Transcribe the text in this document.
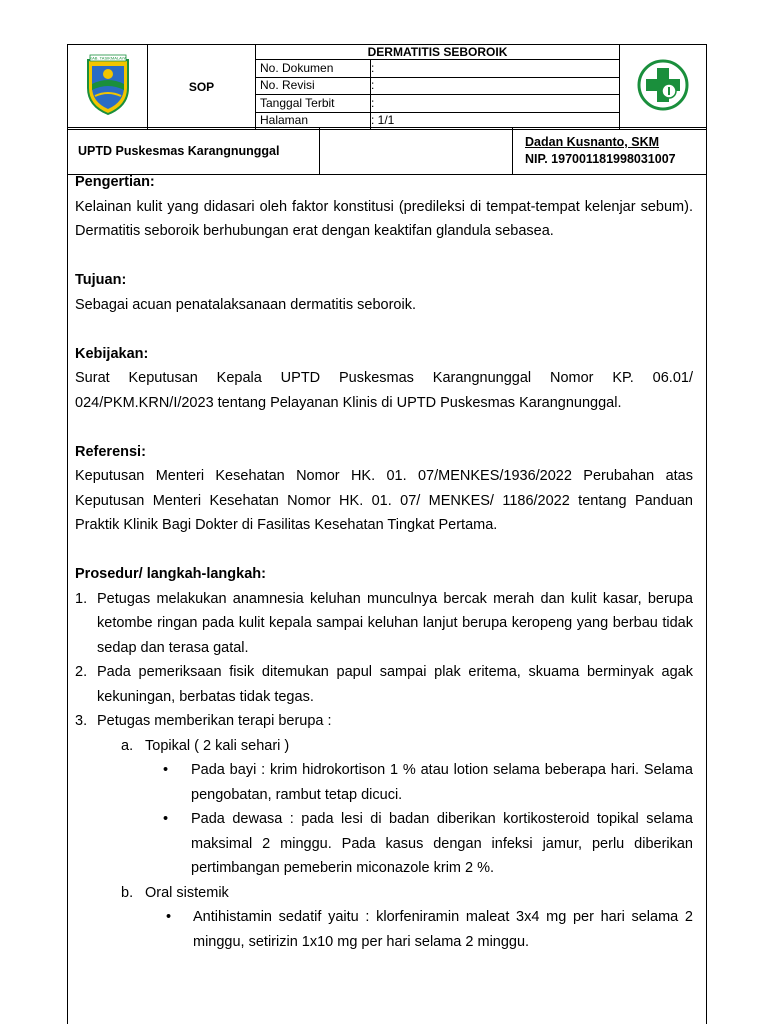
KAB. TASIKMALAYA	SOP	DERMATITIS SEBOROIK	
		No. Dokumen	:	
		No. Revisi	:	
		Tanggal Terbit	:	
		Halaman	: 1/1	
UPTD Puskesmas Karangnunggal		
Dadan Kusnanto, SKM
NIP. 197001181998031007
Pengertian:

Kelainan kulit yang didasari oleh faktor konstitusi (predileksi di tempat-tempat kelenjar sebum). Dermatitis seboroik berhubungan erat dengan keaktifan glandula sebasea.

Tujuan:

Sebagai acuan penatalaksanaan dermatitis seboroik.

Kebijakan:

Surat Keputusan Kepala UPTD Puskesmas Karangnunggal Nomor KP. 06.01/ 024/PKM.KRN/I/2023 tentang Pelayanan Klinis di UPTD Puskesmas Karangnunggal.

Referensi:

Keputusan Menteri Kesehatan Nomor HK. 01. 07/MENKES/1936/2022 Perubahan atas Keputusan Menteri Kesehatan Nomor HK. 01. 07/ MENKES/ 1186/2022 tentang Panduan Praktik Klinik Bagi Dokter di Fasilitas Kesehatan Tingkat Pertama.

Prosedur/ langkah-langkah:
1. Petugas melakukan anamnesia keluhan munculnya bercak merah dan kulit kasar, berupa ketombe ringan pada kulit kepala sampai keluhan lanjut berupa keropeng yang berbau tidak sedap dan terasa gatal.
2. Pada pemeriksaan fisik ditemukan papul sampai plak eritema, skuama berminyak agak kekuningan, berbatas tidak tegas.
3. Petugas memberikan terapi berupa :
a. Topikal ( 2 kali sehari )
•	Pada bayi : krim hidrokortison 1 % atau lotion selama beberapa hari. Selama pengobatan, rambut tetap dicuci.
•	Pada dewasa : pada lesi di badan diberikan kortikosteroid topikal selama maksimal 2 minggu. Pada kasus dengan infeksi jamur, perlu diberikan pertimbangan pemeberin miconazole krim 2 %.
b. Oral sistemik
•	Antihistamin sedatif yaitu : klorfeniramin maleat 3x4 mg per hari selama 2 minggu, setirizin 1x10 mg per hari selama 2 minggu.
